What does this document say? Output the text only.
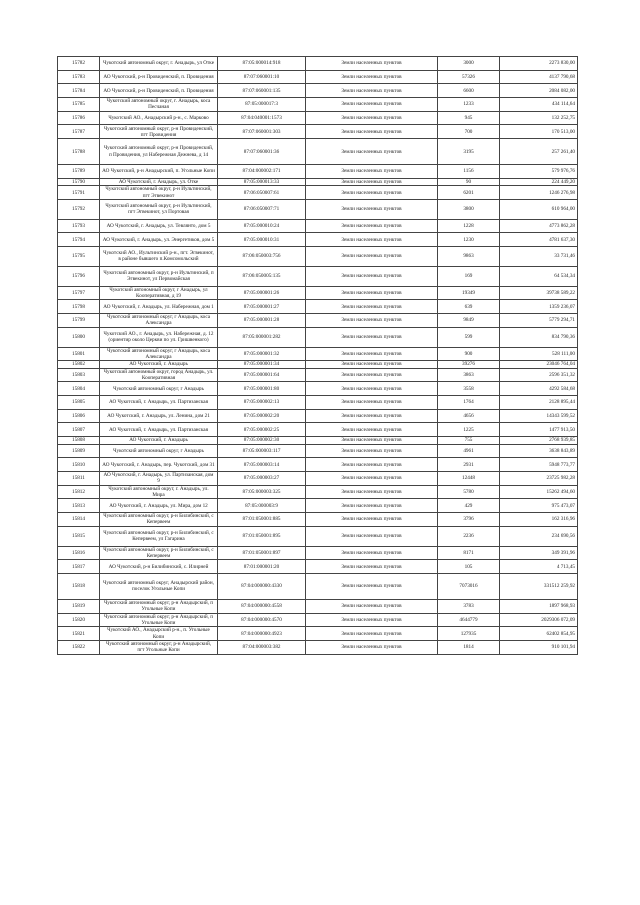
15782	Чукотский автономный округ, г. Анадырь, ул Отке	87:05:000014:918	Земли населенных пунктов	3000	2273 830,00
15783	АО Чукотский, р-н Провиденский, п. Провидения	87:07:060001:10	Земли населенных пунктов	57326	4137 790,68
15784	АО Чукотский, р-н Провиденский, п. Провидения	87:07:060001:135	Земли населенных пунктов	6600	2084 082,00
15785	Чукотский автономный округ, г. Анадырь, коса Песчаная	87:05:000017:3	Земли населенных пунктов	1233	434 114,64
15786	Чукотский АО., Анадырский р-н., с. Марково	87:04:040001:1573	Земли населенных пунктов	945	132 252,75
15787	Чукотский автономный округ, р-н Провиденский, пгт Провидения	87:07:060001:303	Земли населенных пунктов	700	170 513,00
15788	Чукотский автономный округ, р-н Провиденский, п Провидения, ул Набережная Дежнева, д 14	87:07:060001:36	Земли населенных пунктов	3195	257 261,40
15789	АО Чукотский, р-н Анадырский, п. Угольные Копи	87:04:000002:171	Земли населенных пунктов	1156	579 976,76
15790	АО Чукотский, г. Анадырь, ул. Отке	87:05:000013:33	Земли населенных пунктов	90	224 449,20
15791	Чукотский автономный округ, р-н Иультинский, пгт Эгвекинот	87:06:050007:61	Земли населенных пунктов	6201	1246 276,98
15792	Чукотский автономный округ, р-н Иультинский, пгт Эгвекинот, ул Портовая	87:06:050007:71	Земли населенных пунктов	3800	610 964,00
15793	АО Чукотский, г. Анадырь, ул. Тевлянто, дом 5	87:05:000010:24	Земли населенных пунктов	1228	4773 862,28
15794	АО Чукотский, г. Анадырь, ул. Энергетиков, дом 5	87:05:000010:31	Земли населенных пунктов	1230	4781 637,30
15795	Чукотский АО., Иультинский р-н., пгт. Эгвекинот, в районе бывшего п.Комсомольский	87:06:050003:756	Земли населенных пунктов	9863	33 731,46
15796	Чукотский автономный округ, р-н Иультинский, п Эгвекинот, ул Первомайская	87:06:050005:135	Земли населенных пунктов	169	64 534,34
15797	Чукотский автономный округ, г Анадырь, ул Кооперативная, д 19	87:05:000001:26	Земли населенных пунктов	19349	39738 589,22
15798	АО Чукотский, г. Анадырь, ул. Набережная, дом 1	87:05:000001:27	Земли населенных пунктов	639	1359 236,07
15799	Чукотский автономный округ, г Анадырь, коса Александра	87:05:000001:28	Земли населенных пунктов	9849	5779 294,71
15800	Чукотский АО., г. Анадырь, ул. Набережная, д. 12 (ориентир около Церкви по ул. Гришвенкого)	87:05:000001:282	Земли населенных пунктов	599	834 790,36
15801	Чукотский автономный округ, г Анадырь, коса Александра	87:05:000001:32	Земли населенных пунктов	900	528 111,00
15802	АО Чукотский, г. Анадырь	87:05:000001:34	Земли населенных пунктов	39276	23046 764,04
15803	Чукотский автономный округ, город Анадырь, ул. Кооперативная	87:05:000001:64	Земли населенных пунктов	3863	2596 351,32
15804	Чукотский автономный округ, г Анадырь	87:05:000001:80	Земли населенных пунктов	3558	4292 584,68
15805	АО Чукотский, г. Анадырь, ул. Партизанская	87:05:000002:13	Земли населенных пунктов	1764	2128 895,44
15806	АО Чукотский, г. Анадырь, ул. Ленина, дом 21	87:05:000002:20	Земли населенных пунктов	4656	14343 599,52
15807	АО Чукотский, г. Анадырь, ул. Партизанская	87:05:000002:25	Земли населенных пунктов	1225	1477 913,50
15808	АО Чукотский, г. Анадырь	87:05:000002:30	Земли населенных пунктов	755	2768 939,85
15809	Чукотский автономный округ, г Анадырь	87:05:000003:117	Земли населенных пунктов	4961	3638 843,89
15810	АО Чукотский, г. Анадырь, пер. Чукотский, дом 31	87:05:000003:14	Земли населенных пунктов	2931	5948 773,77
15811	АО Чукотский, г. Анадырь, ул. Партизанская, дом 9	87:05:000003:27	Земли населенных пунктов	12448	23725 982,28
15812	Чукотский автономный округ, г. Анадырь, ул. Мира	87:05:000003:325	Земли населенных пунктов	5780	15262 494,60
15813	АО Чукотский, г. Анадырь, ул. Мира, дом 12	87:05:000003:9	Земли населенных пунктов	429	975 473,07
15814	Чукотский автономный округ, р-н Билибинский, с Кепервеем	87:01:050001:885	Земли населенных пунктов	3796	162 316,96
15815	Чукотский автономный округ, р-н Билибинский, с Кепервеем, ул Гагарина	87:01:050001:895	Земли населенных пунктов	2236	234 690,56
15816	Чукотский автономный округ, р-н Билибинский, с Кепервеем	87:01:050001:897	Земли населенных пунктов	8171	349 391,96
15817	АО Чукотский, р-н Билибинский, с. Илирней	87:01:000001:20	Земли населенных пунктов	105	4 713,45
15818	Чукотский автономный округ, Анадырский район, поселок Угольные Копи	87:04:000000:4330	Земли населенных пунктов	7073016	331512 259,92
15819	Чукотский автономный округ, р-н Анадырский, п Угольные Копи	87:04:000000:4558	Земли населенных пунктов	3783	1897 968,93
15820	Чукотский автономный округ, р-н Анадырский, п Угольные Копи	87:04:000000:4570	Земли населенных пунктов	4644779	2029306 072,09
15821	Чукотский АО., Анадырский р-н., п. Угольные Копи	87:04:000000:4923	Земли населенных пунктов	127935	62402 854,95
15822	Чукотский автономный округ, р-н Анадырский, пгт Угольные Копи	87:04:000003:382	Земли населенных пунктов	1814	910 101,94
